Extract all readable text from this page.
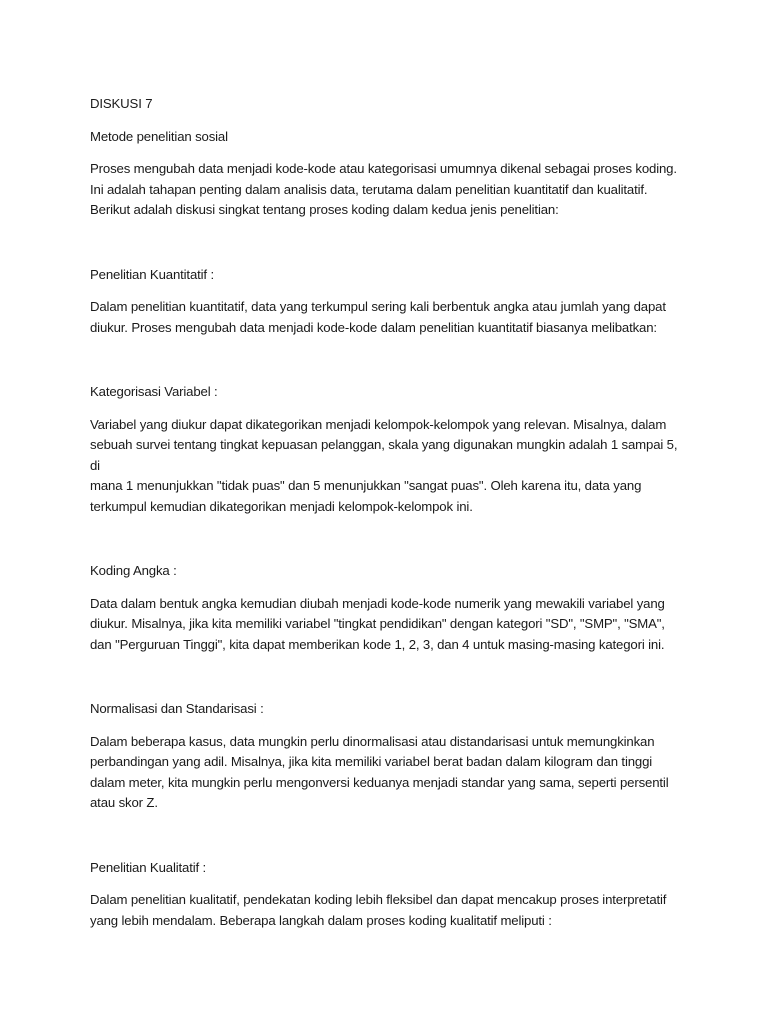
DISKUSI 7

Metode penelitian sosial

Proses mengubah data menjadi kode-kode atau kategorisasi umumnya dikenal sebagai proses koding.
Ini adalah tahapan penting dalam analisis data, terutama dalam penelitian kuantitatif dan kualitatif.
Berikut adalah diskusi singkat tentang proses koding dalam kedua jenis penelitian:

Penelitian Kuantitatif :

Dalam penelitian kuantitatif, data yang terkumpul sering kali berbentuk angka atau jumlah yang dapat
diukur. Proses mengubah data menjadi kode-kode dalam penelitian kuantitatif biasanya melibatkan:

Kategorisasi Variabel :

Variabel yang diukur dapat dikategorikan menjadi kelompok-kelompok yang relevan. Misalnya, dalam
sebuah survei tentang tingkat kepuasan pelanggan, skala yang digunakan mungkin adalah 1 sampai 5, di
mana 1 menunjukkan "tidak puas" dan 5 menunjukkan "sangat puas". Oleh karena itu, data yang
terkumpul kemudian dikategorikan menjadi kelompok-kelompok ini.

Koding Angka :

Data dalam bentuk angka kemudian diubah menjadi kode-kode numerik yang mewakili variabel yang
diukur. Misalnya, jika kita memiliki variabel "tingkat pendidikan" dengan kategori "SD", "SMP", "SMA",
dan "Perguruan Tinggi", kita dapat memberikan kode 1, 2, 3, dan 4 untuk masing-masing kategori ini.

Normalisasi dan Standarisasi :

Dalam beberapa kasus, data mungkin perlu dinormalisasi atau distandarisasi untuk memungkinkan
perbandingan yang adil. Misalnya, jika kita memiliki variabel berat badan dalam kilogram dan tinggi
dalam meter, kita mungkin perlu mengonversi keduanya menjadi standar yang sama, seperti persentil
atau skor Z.

Penelitian Kualitatif :

Dalam penelitian kualitatif, pendekatan koding lebih fleksibel dan dapat mencakup proses interpretatif
yang lebih mendalam. Beberapa langkah dalam proses koding kualitatif meliputi :
